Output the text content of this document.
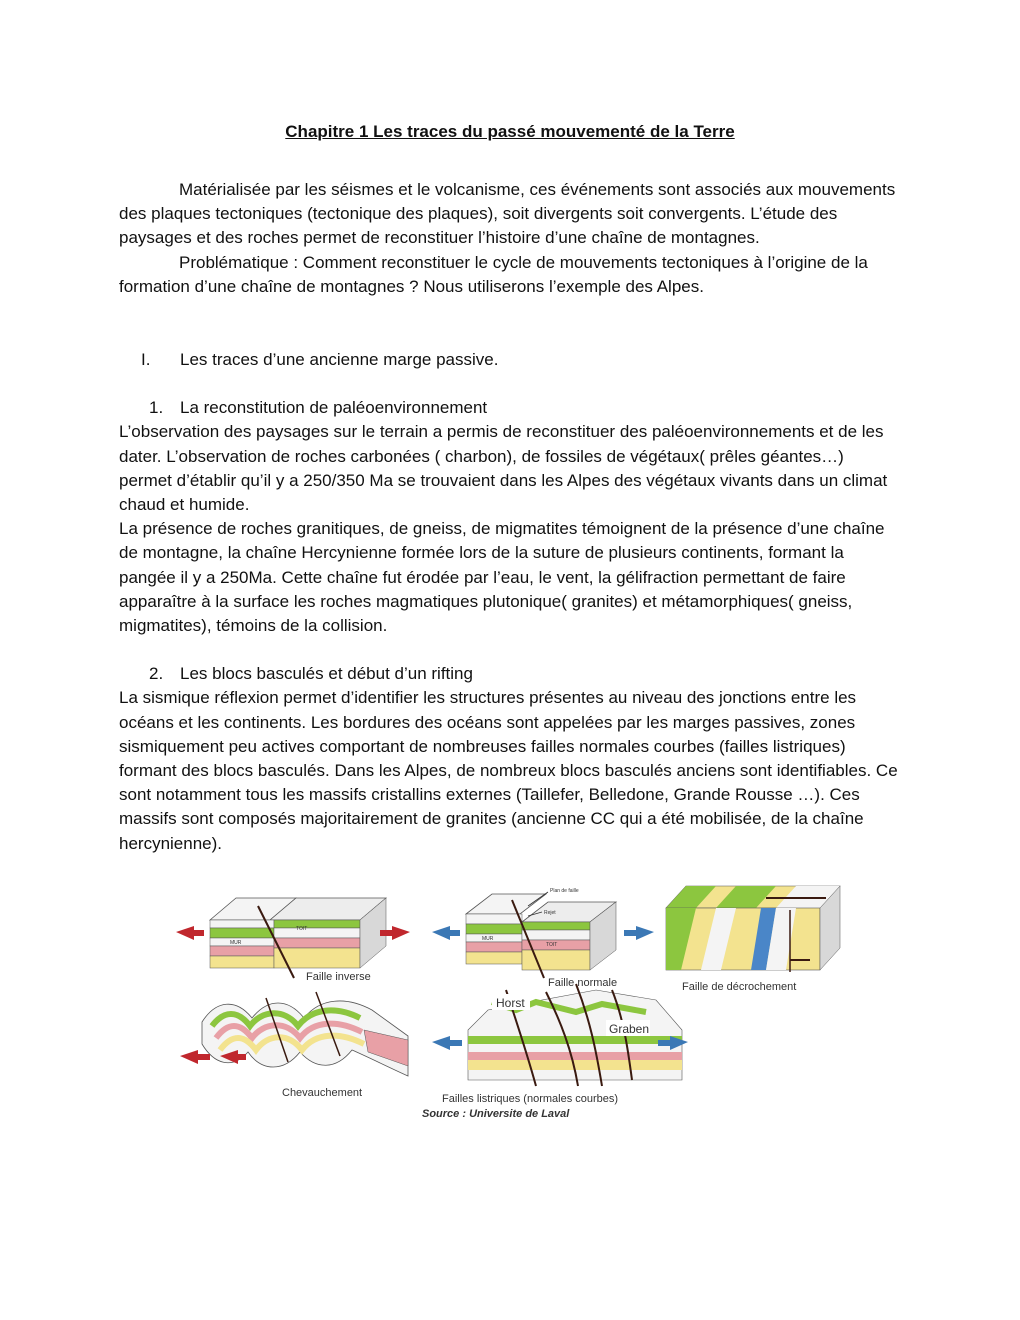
Chapitre 1 Les traces du passé mouvementé de la Terre

Matérialisée par les séismes et le volcanisme, ces événements sont associés aux mouvements des plaques tectoniques (tectonique des plaques), soit divergents soit convergents. L’étude des paysages et des roches permet de reconstituer l’histoire d’une chaîne de montagnes.

Problématique : Comment reconstituer le cycle de mouvements tectoniques à l’origine de la formation d’une chaîne de montagnes ? Nous utiliserons l’exemple des Alpes.

I.	Les traces d’une ancienne marge passive.
1. La reconstitution de paléoenvironnement

L’observation des paysages sur le terrain a permis de reconstituer des paléoenvironnements et de les dater. L’observation de roches carbonées ( charbon), de fossiles de végétaux( prêles géantes…) permet d’établir qu’il y a 250/350 Ma se trouvaient dans les Alpes des végétaux vivants dans un climat chaud et humide.

La présence de roches granitiques, de gneiss, de migmatites témoignent de la présence d’une chaîne de montagne, la chaîne Hercynienne formée lors de la suture de plusieurs continents, formant la pangée il y a 250Ma. Cette chaîne fut érodée par l’eau, le vent, la gélifraction permettant de faire apparaître à la surface les roches magmatiques plutonique( granites) et métamorphiques( gneiss, migmatites), témoins de la collision.

2. Les blocs basculés et début d’un rifting

La sismique réflexion permet d’identifier les structures présentes au niveau des jonctions entre les océans et les continents. Les bordures des océans sont appelées par les marges passives, zones sismiquement peu actives comportant de nombreuses failles normales courbes (failles listriques) formant des blocs basculés. Dans les Alpes, de nombreux blocs basculés anciens sont identifiables. Ce sont notamment tous les massifs cristallins externes (Taillefer, Belledone, Grande Rousse …). Ces massifs sont composés majoritairement de granites (ancienne CC qui a été mobilisée, de la chaîne hercynienne).

MUR
TOIT
Faille inverse
Plan de faille
Rejet
MUR
TOIT
Faille normale	Faille de décrochement
Chevauchement
Horst
Graben
Failles listriques (normales courbes)
Source : Universite de Laval
